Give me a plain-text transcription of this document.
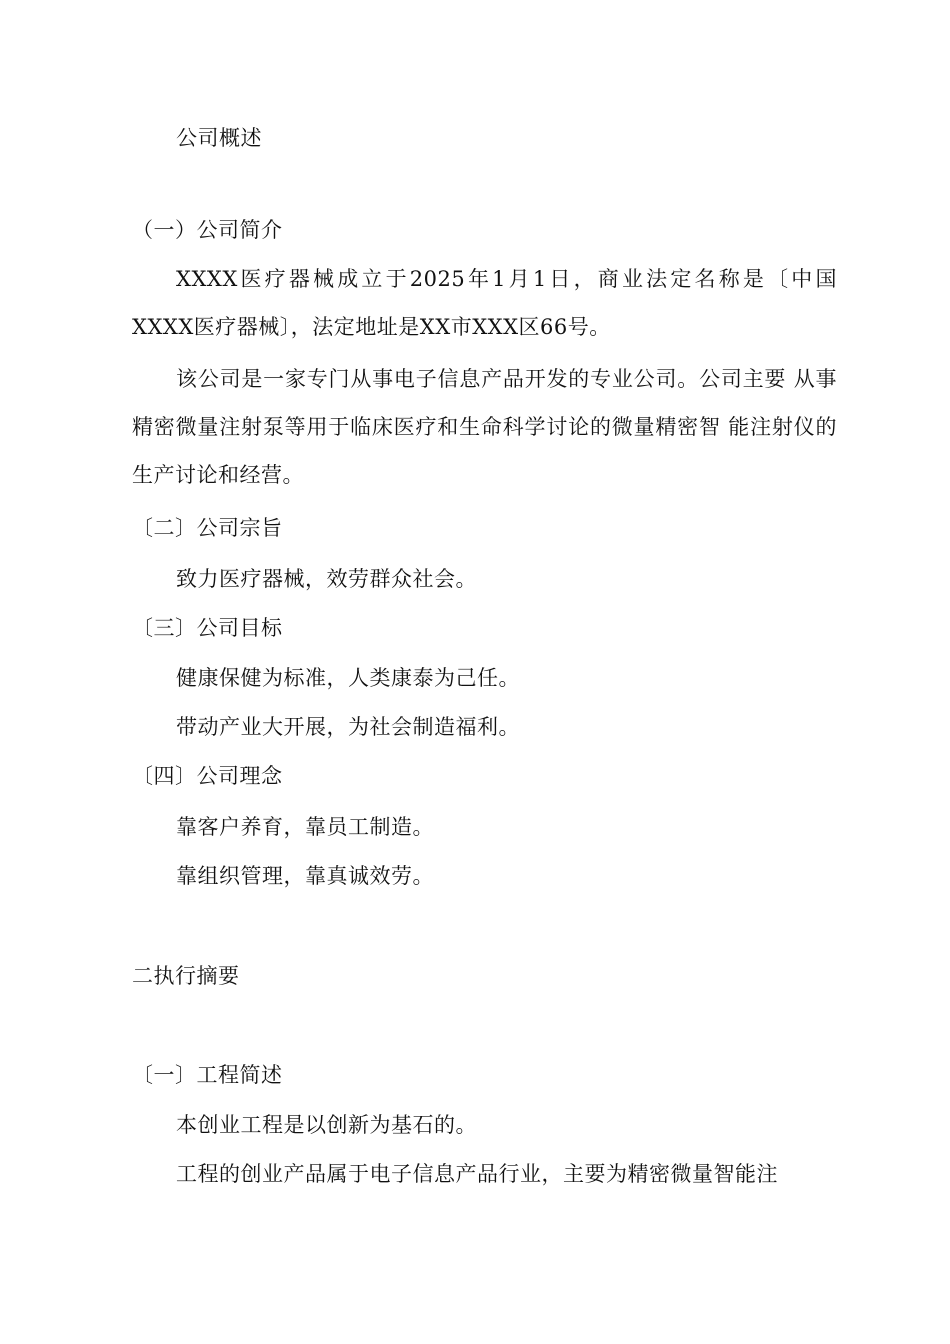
公司概述
（一）公司简介
XXXX医疗器械成立于2025年1月1日，商业法定名称是〔中国 XXXX医疗器械〕，法定地址是XX市XXX区66号。
该公司是一家专门从事电子信息产品开发的专业公司。公司主要 从事精密微量注射泵等用于临床医疗和生命科学讨论的微量精密智 能注射仪的生产讨论和经营。
〔二〕公司宗旨
致力医疗器械，效劳群众社会。
〔三〕公司目标
健康保健为标准，人类康泰为己任。
带动产业大开展，为社会制造福利。
〔四〕公司理念
靠客户养育，靠员工制造。
靠组织管理，靠真诚效劳。
二执行摘要
〔一〕工程简述
本创业工程是以创新为基石的。
工程的创业产品属于电子信息产品行业，主要为精密微量智能注
